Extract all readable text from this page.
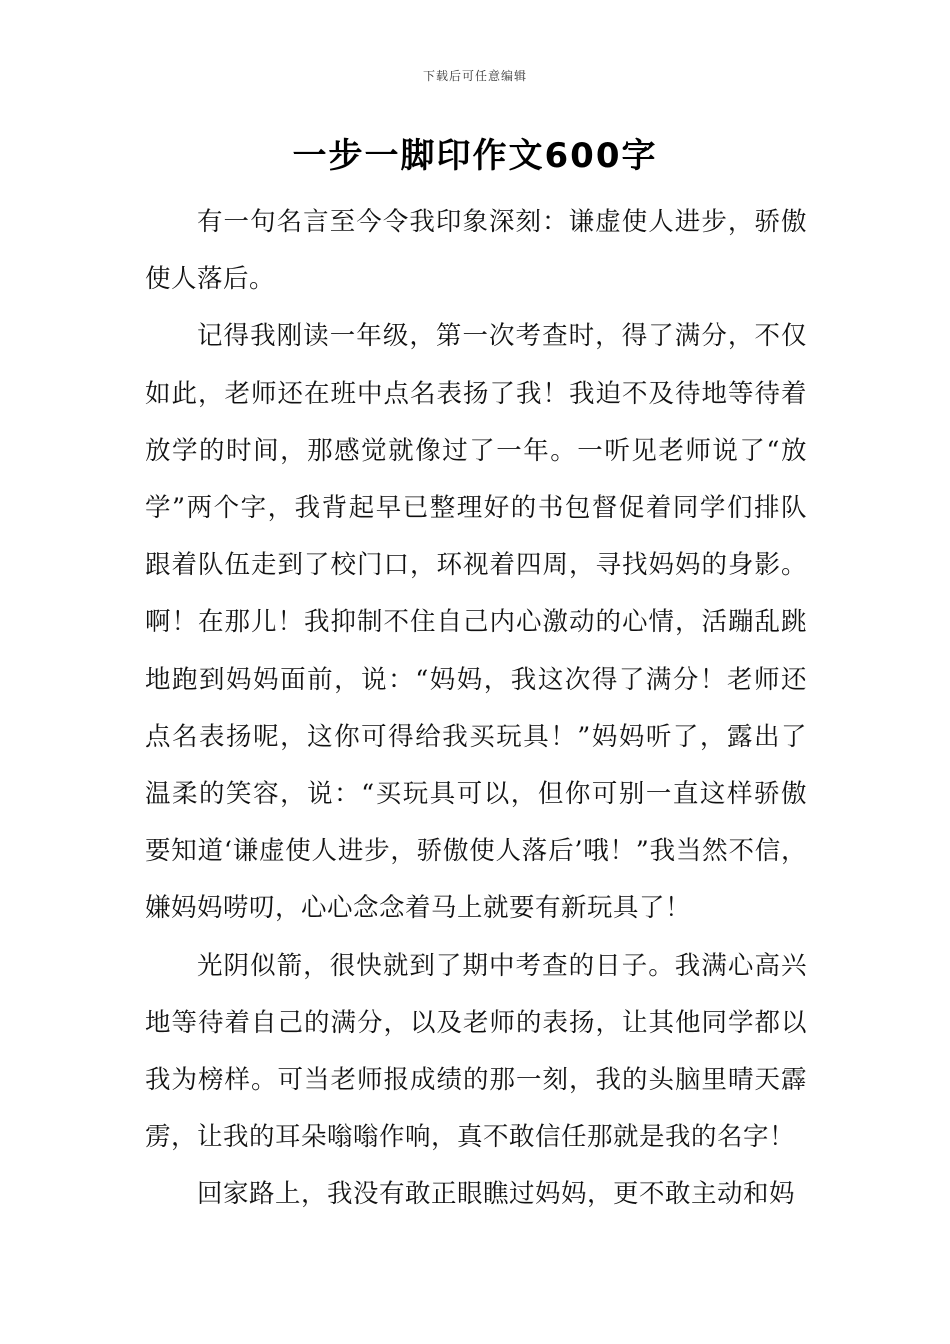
下载后可任意编辑
一步一脚印作文600字

有一句名言至今令我印象深刻：谦虚使人进步，骄傲使人落后。

记得我刚读一年级，第一次考查时，得了满分，不仅如此，老师还在班中点名表扬了我！我迫不及待地等待着放学的时间，那感觉就像过了一年。一听见老师说了“放学”两个字，我背起早已整理好的书包督促着同学们排队跟着队伍走到了校门口，环视着四周，寻找妈妈的身影。啊！在那儿！我抑制不住自己内心激动的心情，活蹦乱跳地跑到妈妈面前，说：“妈妈，我这次得了满分！老师还点名表扬呢，这你可得给我买玩具！”妈妈听了，露出了温柔的笑容，说：“买玩具可以，但你可别一直这样骄傲要知道‘谦虚使人进步，骄傲使人落后’哦！”我当然不信，嫌妈妈唠叨，心心念念着马上就要有新玩具了！

光阴似箭，很快就到了期中考查的日子。我满心高兴地等待着自己的满分，以及老师的表扬，让其他同学都以我为榜样。可当老师报成绩的那一刻，我的头脑里晴天霹雳，让我的耳朵嗡嗡作响，真不敢信任那就是我的名字！

回家路上，我没有敢正眼瞧过妈妈，更不敢主动和妈
